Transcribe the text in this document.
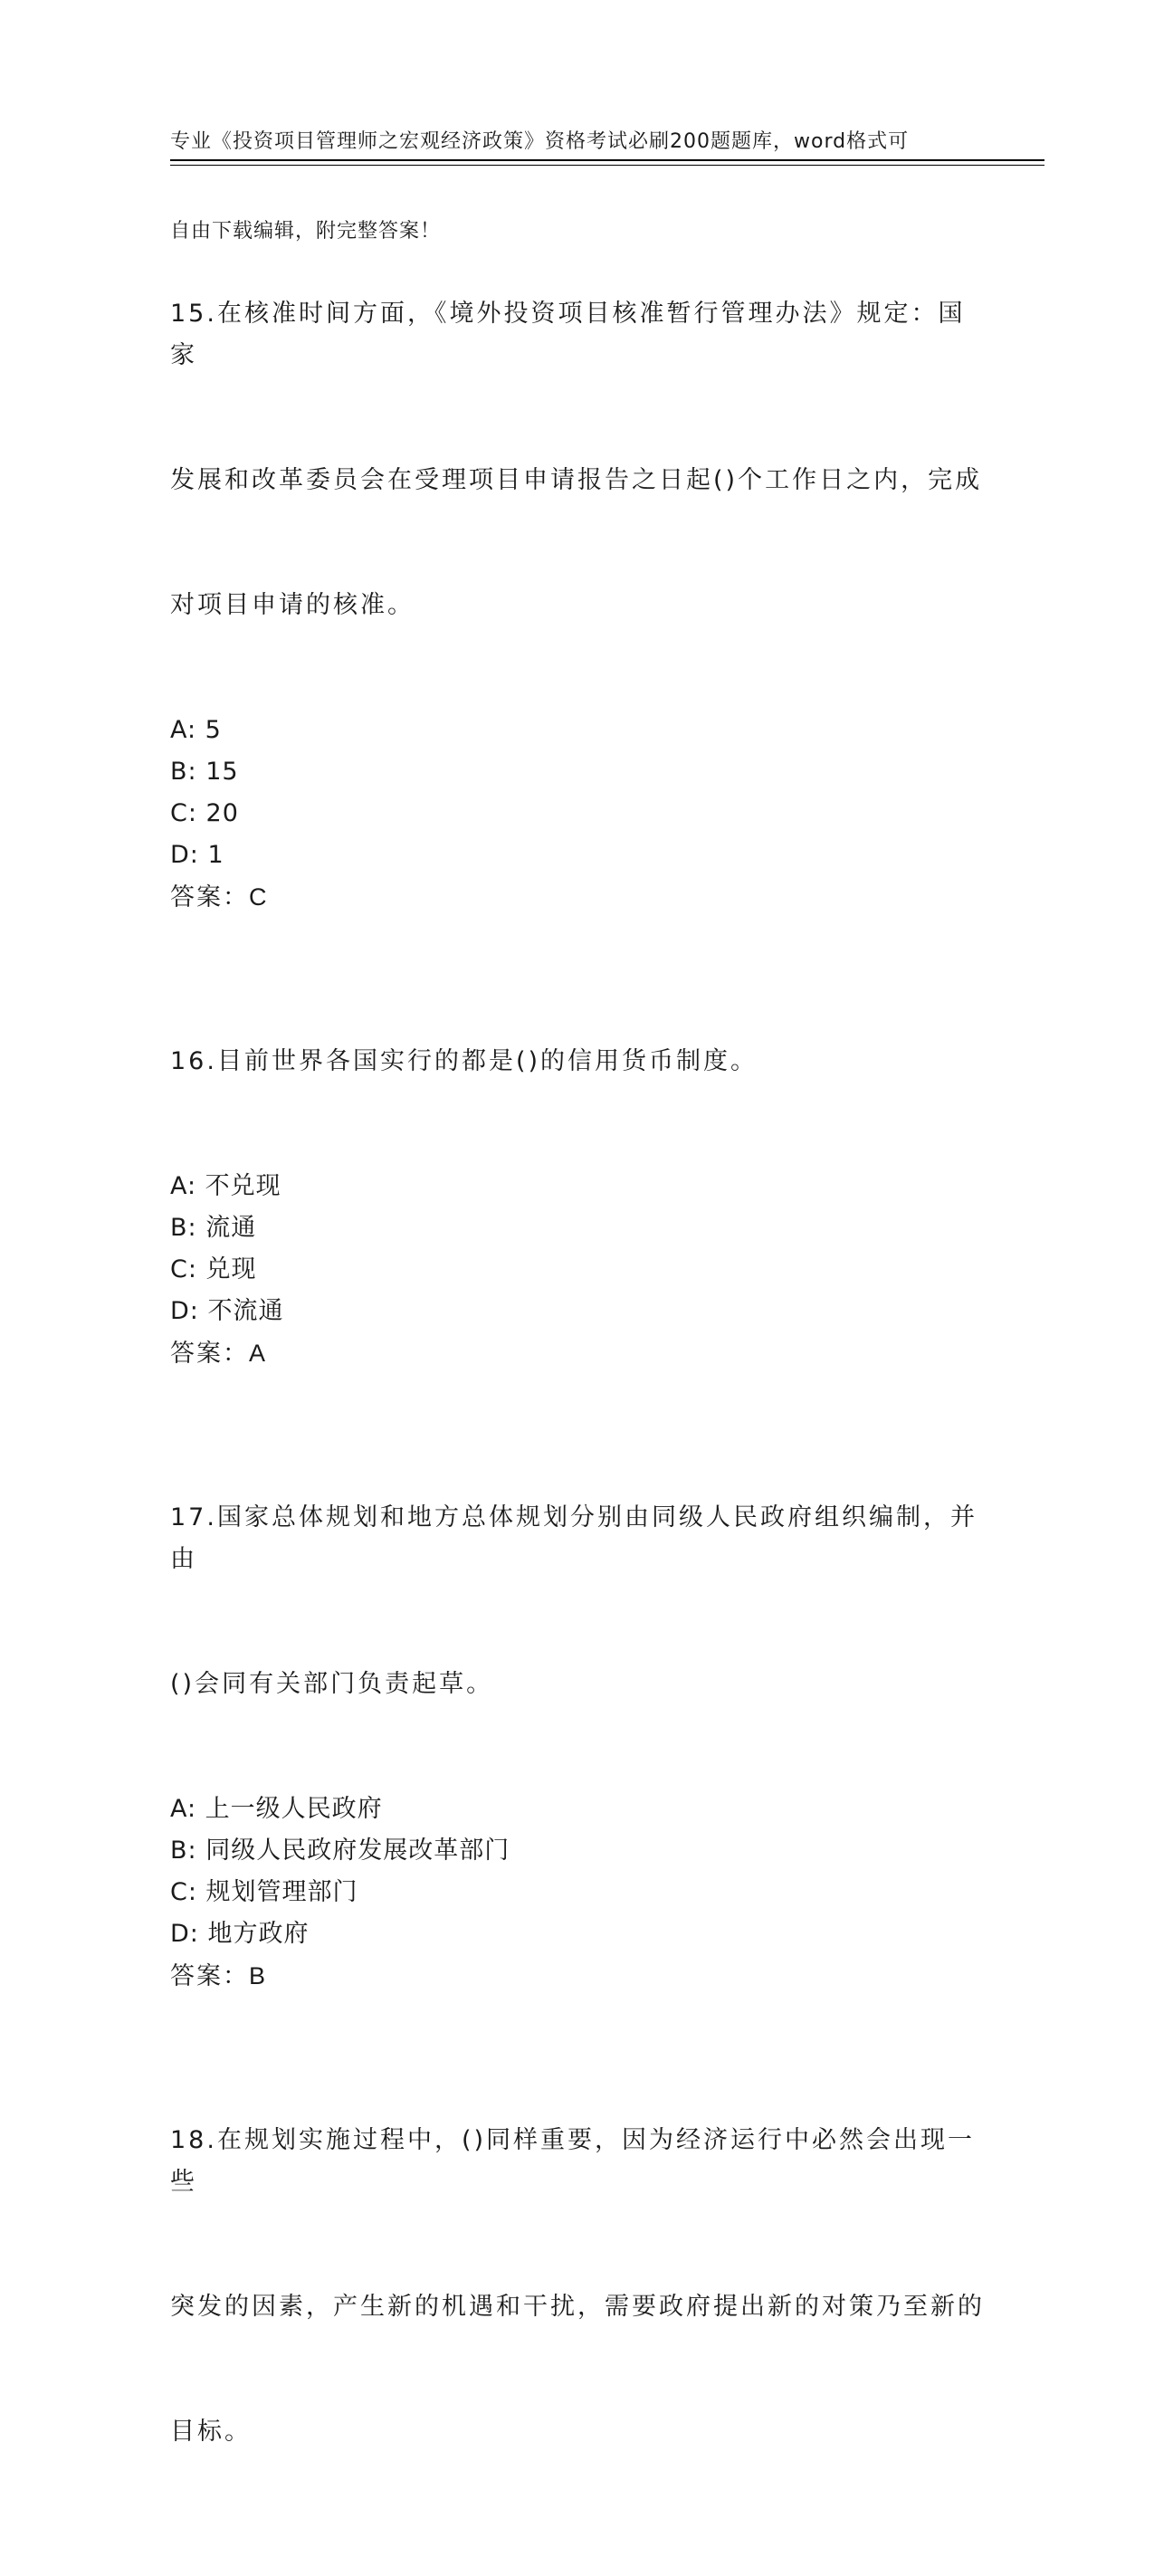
专业《投资项目管理师之宏观经济政策》资格考试必刷200题题库，word格式可

自由下载编辑，附完整答案！

15.在核准时间方面，《境外投资项目核准暂行管理办法》规定：国家

发展和改革委员会在受理项目申请报告之日起()个工作日之内，完成

对项目申请的核准。

A: 5
B: 15
C: 20
D: 1
答案：C

16.目前世界各国实行的都是()的信用货币制度。

A: 不兑现
B: 流通
C: 兑现
D: 不流通
答案：A

17.国家总体规划和地方总体规划分别由同级人民政府组织编制，并由

()会同有关部门负责起草。

A: 上一级人民政府
B: 同级人民政府发展改革部门
C: 规划管理部门
D: 地方政府
答案：B

18.在规划实施过程中，()同样重要，因为经济运行中必然会出现一些

突发的因素，产生新的机遇和干扰，需要政府提出新的对策乃至新的

目标。
